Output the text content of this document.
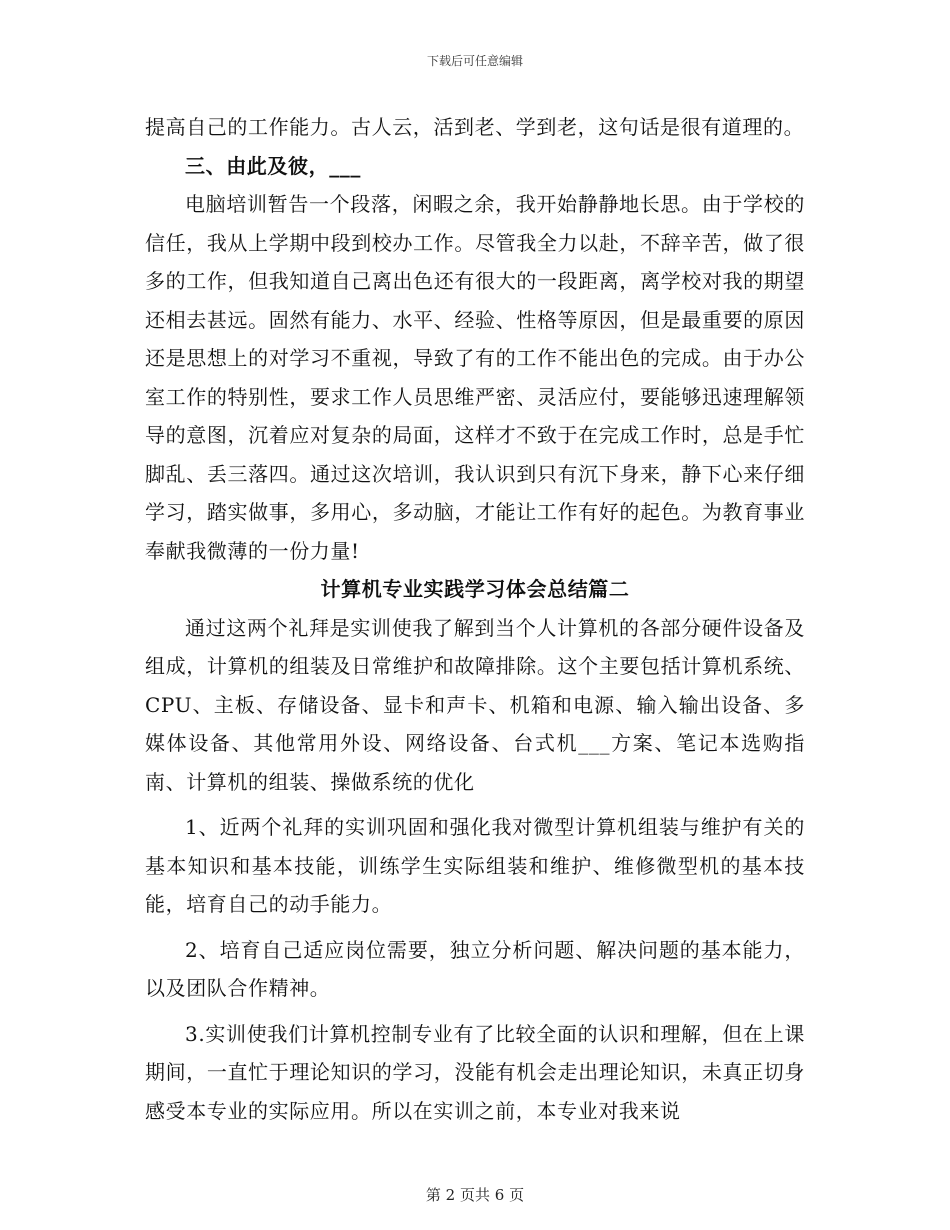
下载后可任意编辑

提高自己的工作能力。古人云，活到老、学到老，这句话是很有道理的。

三、由此及彼，___

电脑培训暂告一个段落，闲暇之余，我开始静静地长思。由于学校的信任，我从上学期中段到校办工作。尽管我全力以赴，不辞辛苦，做了很多的工作，但我知道自己离出色还有很大的一段距离，离学校对我的期望还相去甚远。固然有能力、水平、经验、性格等原因，但是最重要的原因还是思想上的对学习不重视，导致了有的工作不能出色的完成。由于办公室工作的特别性，要求工作人员思维严密、灵活应付，要能够迅速理解领导的意图，沉着应对复杂的局面，这样才不致于在完成工作时，总是手忙脚乱、丢三落四。通过这次培训，我认识到只有沉下身来，静下心来仔细学习，踏实做事，多用心，多动脑，才能让工作有好的起色。为教育事业奉献我微薄的一份力量!

计算机专业实践学习体会总结篇二

通过这两个礼拜是实训使我了解到当个人计算机的各部分硬件设备及组成，计算机的组装及日常维护和故障排除。这个主要包括计算机系统、CPU、主板、存储设备、显卡和声卡、机箱和电源、输入输出设备、多媒体设备、其他常用外设、网络设备、台式机___方案、笔记本选购指南、计算机的组装、操做系统的优化

1、近两个礼拜的实训巩固和强化我对微型计算机组装与维护有关的基本知识和基本技能，训练学生实际组装和维护、维修微型机的基本技能，培育自己的动手能力。

2、培育自己适应岗位需要，独立分析问题、解决问题的基本能力，以及团队合作精神。

3.实训使我们计算机控制专业有了比较全面的认识和理解，但在上课期间，一直忙于理论知识的学习，没能有机会走出理论知识，未真正切身感受本专业的实际应用。所以在实训之前，本专业对我来说

第 2 页共 6 页
